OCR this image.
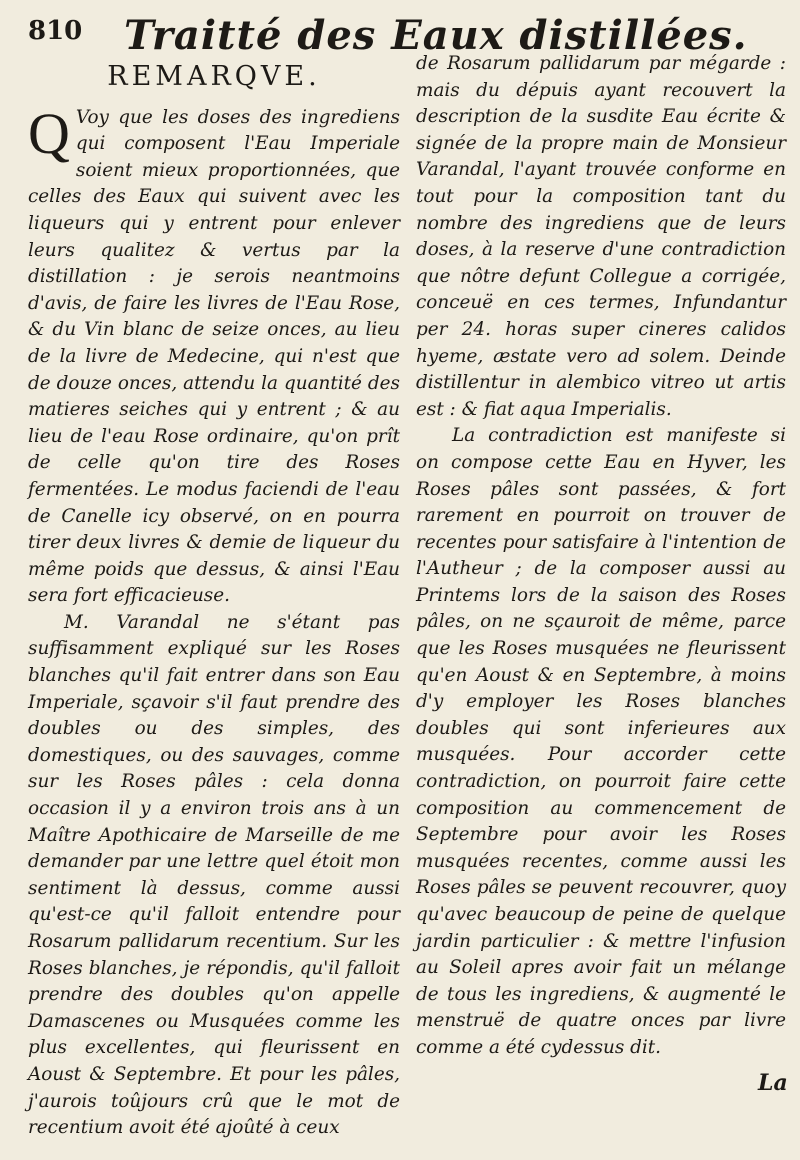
810 Traitté des Eaux distillées.
REMARQVE.

Q Voy que les doses des ingrediens qui composent l'Eau Imperiale soient mieux proportionnées, que celles des Eaux qui suivent avec les liqueurs qui y entrent pour enlever leurs qualitez & vertus par la distillation : je serois neantmoins d'avis, de faire les livres de l'Eau Rose, & du Vin blanc de seize onces, au lieu de la livre de Medecine, qui n'est que de douze onces, attendu la quantité des matieres seiches qui y entrent ; & au lieu de l'eau Rose ordinaire, qu'on prît de celle qu'on tire des Roses fermentées. Le modus faciendi de l'eau de Canelle icy observé, on en pourra tirer deux livres & demie de liqueur du même poids que dessus, & ainsi l'Eau sera fort efficacieuse.

M. Varandal ne s'étant pas suffisamment expliqué sur les Roses blanches qu'il fait entrer dans son Eau Imperiale, sçavoir s'il faut prendre des doubles ou des simples, des domestiques, ou des sauvages, comme sur les Roses pâles : cela donna occasion il y a environ trois ans à un Maître Apothicaire de Marseille de me demander par une lettre quel étoit mon sentiment là dessus, comme aussi qu'est-ce qu'il falloit entendre pour Rosarum pallidarum recentium. Sur les Roses blanches, je répondis, qu'il falloit prendre des doubles qu'on appelle Damascenes ou Musquées comme les plus excellentes, qui fleurissent en Aoust & Septembre. Et pour les pâles, j'aurois toûjours crû que le mot de recentium avoit été ajoûté à ceux

de Rosarum pallidarum par mégarde : mais du dépuis ayant recouvert la description de la susdite Eau écrite & signée de la propre main de Monsieur Varandal, l'ayant trouvée conforme en tout pour la composition tant du nombre des ingrediens que de leurs doses, à la reserve d'une contradiction que nôtre defunt Collegue a corrigée, conceuë en ces termes, Infundantur per 24. horas super cineres calidos hyeme, æstate vero ad solem. Deinde distillentur in alembico vitreo ut artis est : & fiat aqua Imperialis.

La contradiction est manifeste si on compose cette Eau en Hyver, les Roses pâles sont passées, & fort rarement en pourroit on trouver de recentes pour satisfaire à l'intention de l'Autheur ; de la composer aussi au Printems lors de la saison des Roses pâles, on ne sçauroit de même, parce que les Roses musquées ne fleurissent qu'en Aoust & en Septembre, à moins d'y employer les Roses blanches doubles qui sont inferieures aux musquées. Pour accorder cette contradiction, on pourroit faire cette composition au commencement de Septembre pour avoir les Roses musquées recentes, comme aussi les Roses pâles se peuvent recouvrer, quoy qu'avec beaucoup de peine de quelque jardin particulier : & mettre l'infusion au Soleil apres avoir fait un mélange de tous les ingrediens, & augmenté le menstruë de quatre onces par livre comme a été cydessus dit.

La
